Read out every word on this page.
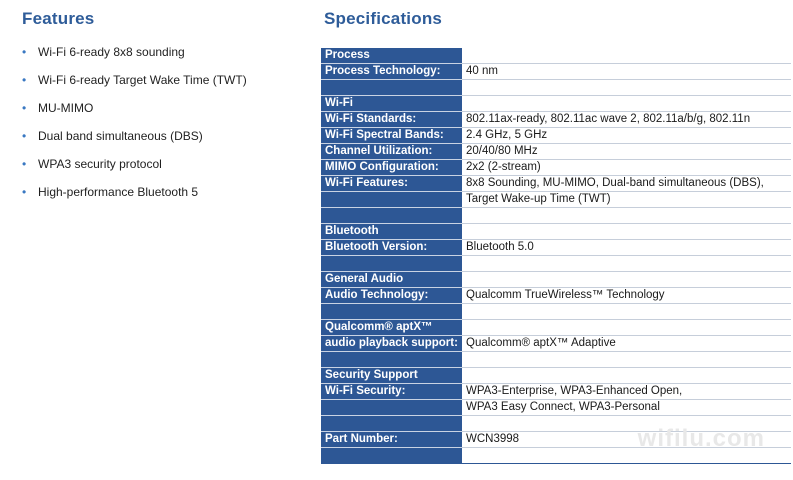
Features
• Wi-Fi 6-ready 8x8 sounding
• Wi-Fi 6-ready Target Wake Time (TWT)
• MU-MIMO
• Dual band simultaneous (DBS)
• WPA3 security protocol
• High-performance Bluetooth 5
Specifications
Process	
Process Technology:	40 nm

Wi-Fi	
Wi-Fi Standards:	802.11ax-ready, 802.11ac wave 2, 802.11a/b/g, 802.11n
Wi-Fi Spectral Bands:	2.4 GHz, 5 GHz
Channel Utilization:	20/40/80 MHz
MIMO Configuration:	2x2 (2-stream)
Wi-Fi Features:	8x8 Sounding, MU-MIMO, Dual-band simultaneous (DBS),
	Target Wake-up Time (TWT)

Bluetooth	
Bluetooth Version:	Bluetooth 5.0

General Audio	
Audio Technology:	Qualcomm TrueWireless™ Technology

Qualcomm® aptX™	
audio playback support:	Qualcomm® aptX™ Adaptive

Security Support	
Wi-Fi Security:	WPA3-Enterprise, WPA3-Enhanced Open,
	WPA3 Easy Connect, WPA3-Personal

Part Number:	WCN3998
		wifilu.com
